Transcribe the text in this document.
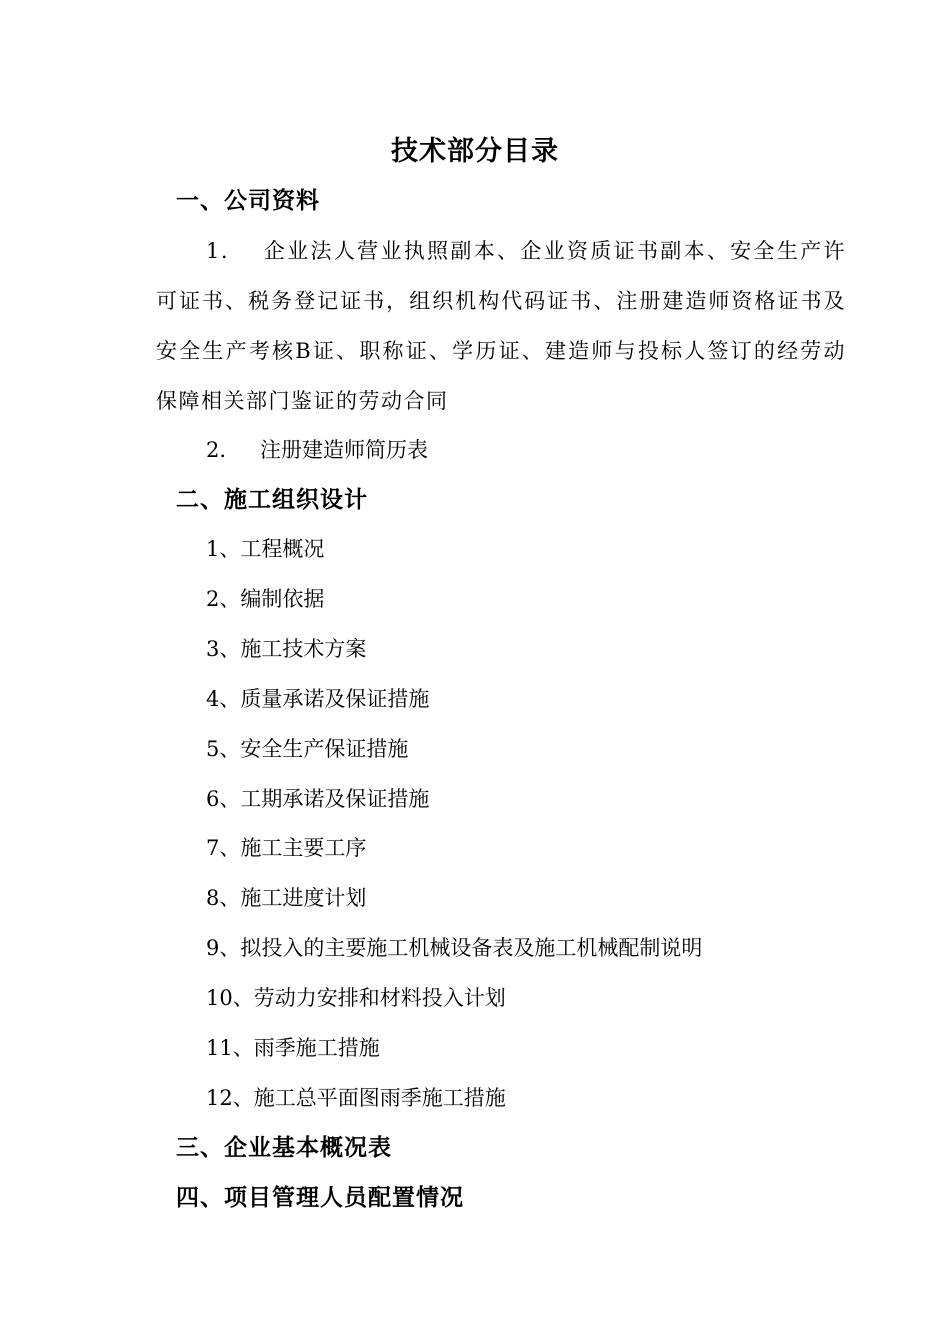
技术部分目录
一、公司资料
1. 企业法人营业执照副本、企业资质证书副本、安全生产许可证书、税务登记证书，组织机构代码证书、注册建造师资格证书及安全生产考核B证、职称证、学历证、建造师与投标人签订的经劳动保障相关部门鉴证的劳动合同
2. 注册建造师简历表
二、施工组织设计
1、工程概况
2、编制依据
3、施工技术方案
4、质量承诺及保证措施
5、安全生产保证措施
6、工期承诺及保证措施
7、施工主要工序
8、施工进度计划
9、拟投入的主要施工机械设备表及施工机械配制说明
10、劳动力安排和材料投入计划
11、雨季施工措施
12、施工总平面图雨季施工措施
三、企业基本概况表
四、项目管理人员配置情况
